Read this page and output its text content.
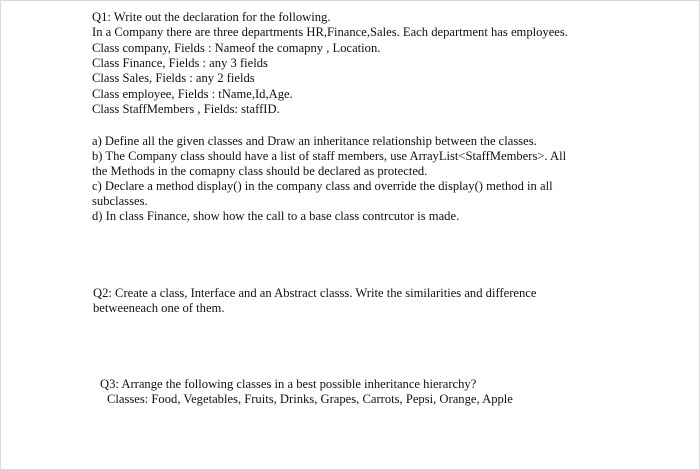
Q1: Write out the declaration for the following.

In a Company there are three departments HR,Finance,Sales. Each department has employees.

Class company, Fields : Nameof the comapny , Location.

Class Finance, Fields : any 3 fields

Class Sales, Fields : any 2 fields

Class employee, Fields : tName,Id,Age.

Class StaffMembers , Fields: staffID.

a) Define all the given classes and Draw an inheritance relationship between the classes.

b) The Company class should have a list of staff members, use ArrayList<StaffMembers>. All

the Methods in the comapny class should be declared as protected.

c) Declare a method display() in the company class and override the display() method in all

subclasses.

d) In class Finance, show how the call to a base class contrcutor is made.

Q2: Create a class, Interface and an Abstract classs. Write the similarities and difference

betweeneach one of them.

Q3: Arrange the following classes in a best possible inheritance hierarchy?

Classes: Food, Vegetables, Fruits, Drinks, Grapes, Carrots, Pepsi, Orange, Apple
